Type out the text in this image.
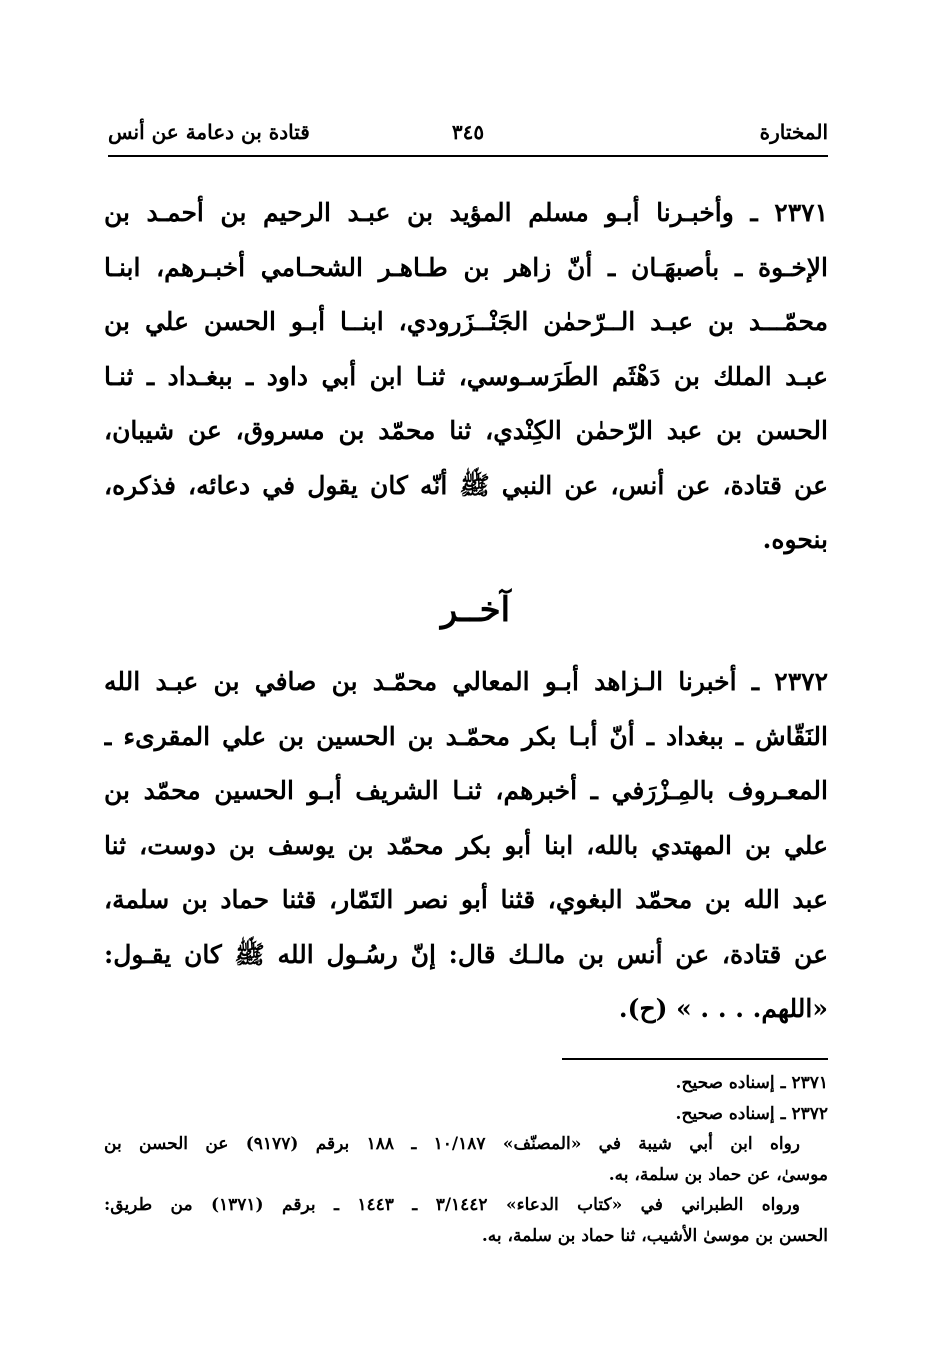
المختارة
٣٤٥
قتادة بن دعامة عن أنس
٢٣٧١ ـ وأخبـرنا أبـو مسلم المؤيد بن عبـد الرحيم بن أحمـد بن
الإخـوة ـ بأصبهَـان ـ أنّ زاهر بن طـاهـر الشحـامي أخبـرهم، ابنـا
محمّـــد بن عبـد الــرّحمٰن الجَنْــزَرودي، ابنــا أبـو الحسن علي بن
عبـد الملك بن دَهْثَم الطَرَسـوسي، ثنـا ابن أبي داود ـ ببغـداد ـ ثنـا
الحسن بن عبد الرّحمٰن الكِنْدي، ثنا محمّد بن مسروق، عن شيبان،
عن قتادة، عن أنس، عن النبي ﷺ أنّه كان يقول في دعائه، فذكره،
بنحوه.
آخــر
٢٣٧٢ ـ أخبرنا الـزاهد أبـو المعالي محمّـد بن صافي بن عبـد الله
النَقّاش ـ ببغداد ـ أنّ أبـا بكر محمّـد بن الحسين بن علي المقرىء ـ
المعـروف بالمِـزْرَفي ـ أخبرهم، ثنـا الشريف أبـو الحسين محمّد بن
علي بن المهتدي بالله، ابنا أبو بكر محمّد بن يوسف بن دوست، ثنا
عبد الله بن محمّد البغوي، قثنا أبو نصر التَمّار، قثنا حماد بن سلمة،
عن قتادة، عن أنس بن مالـك قال: إنّ رسُـول الله ﷺ كان يقـول:
«اللهم. . . . » (ح).
٢٣٧١ ـ إسناده صحيح.
٢٣٧٢ ـ إسناده صحيح.
رواه ابن أبي شيبة في «المصنّف» ١٠/١٨٧ ـ ١٨٨ برقم (٩١٧٧) عن الحسن بن
موسىٰ، عن حماد بن سلمة، به.
ورواه الطبراني في «كتاب الدعاء» ٣/١٤٤٢ ـ ١٤٤٣ ـ برقم (١٣٧١) من طريق:
الحسن بن موسىٰ الأشيب، ثنا حماد بن سلمة، به.
